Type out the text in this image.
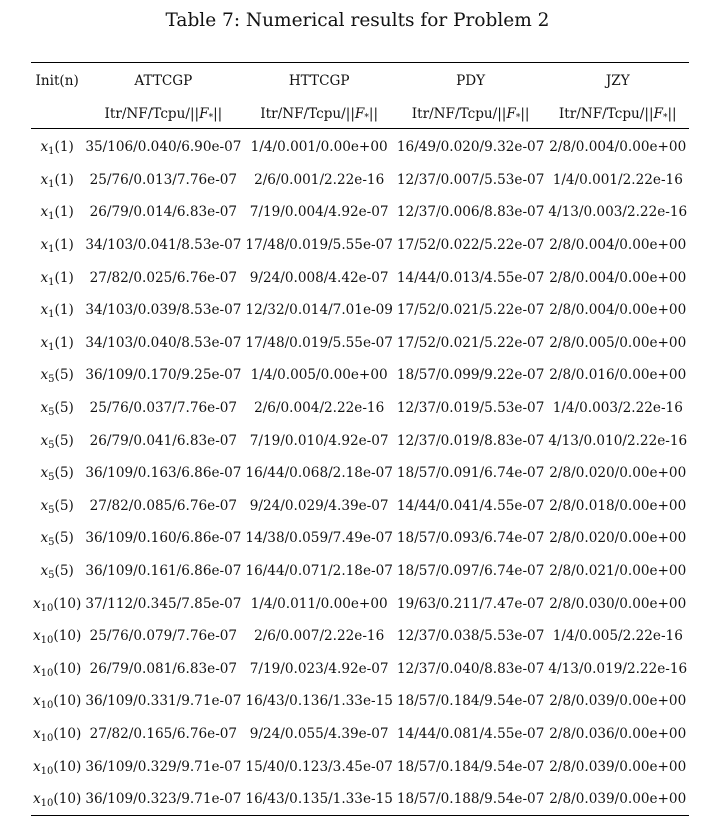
Table 7: Numerical results for Problem 2
Init(n)	ATTCGP	HTTCGP	PDY	JZY
	Itr/$NF/Tcpu/||F_*||$	Itr/$NF/Tcpu/||F_*||$	Itr/$NF/Tcpu/||F_*||$	Itr/$NF/Tcpu/||F_*||$
$x_1(1)$	35/106/0.040/6.90e-07	1/4/0.001/0.00e+00	16/49/0.020/9.32e-07	2/8/0.004/0.00e+00
$x_1(1)$	25/76/0.013/7.76e-07	2/6/0.001/2.22e-16	12/37/0.007/5.53e-07	1/4/0.001/2.22e-16
$x_1(1)$	26/79/0.014/6.83e-07	7/19/0.004/4.92e-07	12/37/0.006/8.83e-07	4/13/0.003/2.22e-16
$x_1(1)$	34/103/0.041/8.53e-07	17/48/0.019/5.55e-07	17/52/0.022/5.22e-07	2/8/0.004/0.00e+00
$x_1(1)$	27/82/0.025/6.76e-07	9/24/0.008/4.42e-07	14/44/0.013/4.55e-07	2/8/0.004/0.00e+00
$x_1(1)$	34/103/0.039/8.53e-07	12/32/0.014/7.01e-09	17/52/0.021/5.22e-07	2/8/0.004/0.00e+00
$x_1(1)$	34/103/0.040/8.53e-07	17/48/0.019/5.55e-07	17/52/0.021/5.22e-07	2/8/0.005/0.00e+00
$x_5(5)$	36/109/0.170/9.25e-07	1/4/0.005/0.00e+00	18/57/0.099/9.22e-07	2/8/0.016/0.00e+00
$x_5(5)$	25/76/0.037/7.76e-07	2/6/0.004/2.22e-16	12/37/0.019/5.53e-07	1/4/0.003/2.22e-16
$x_5(5)$	26/79/0.041/6.83e-07	7/19/0.010/4.92e-07	12/37/0.019/8.83e-07	4/13/0.010/2.22e-16
$x_5(5)$	36/109/0.163/6.86e-07	16/44/0.068/2.18e-07	18/57/0.091/6.74e-07	2/8/0.020/0.00e+00
$x_5(5)$	27/82/0.085/6.76e-07	9/24/0.029/4.39e-07	14/44/0.041/4.55e-07	2/8/0.018/0.00e+00
$x_5(5)$	36/109/0.160/6.86e-07	14/38/0.059/7.49e-07	18/57/0.093/6.74e-07	2/8/0.020/0.00e+00
$x_5(5)$	36/109/0.161/6.86e-07	16/44/0.071/2.18e-07	18/57/0.097/6.74e-07	2/8/0.021/0.00e+00
$x_{10}(10)$	37/112/0.345/7.85e-07	1/4/0.011/0.00e+00	19/63/0.211/7.47e-07	2/8/0.030/0.00e+00
$x_{10}(10)$	25/76/0.079/7.76e-07	2/6/0.007/2.22e-16	12/37/0.038/5.53e-07	1/4/0.005/2.22e-16
$x_{10}(10)$	26/79/0.081/6.83e-07	7/19/0.023/4.92e-07	12/37/0.040/8.83e-07	4/13/0.019/2.22e-16
$x_{10}(10)$	36/109/0.331/9.71e-07	16/43/0.136/1.33e-15	18/57/0.184/9.54e-07	2/8/0.039/0.00e+00
$x_{10}(10)$	27/82/0.165/6.76e-07	9/24/0.055/4.39e-07	14/44/0.081/4.55e-07	2/8/0.036/0.00e+00
$x_{10}(10)$	36/109/0.329/9.71e-07	15/40/0.123/3.45e-07	18/57/0.184/9.54e-07	2/8/0.039/0.00e+00
$x_{10}(10)$	36/109/0.323/9.71e-07	16/43/0.135/1.33e-15	18/57/0.188/9.54e-07	2/8/0.039/0.00e+00
